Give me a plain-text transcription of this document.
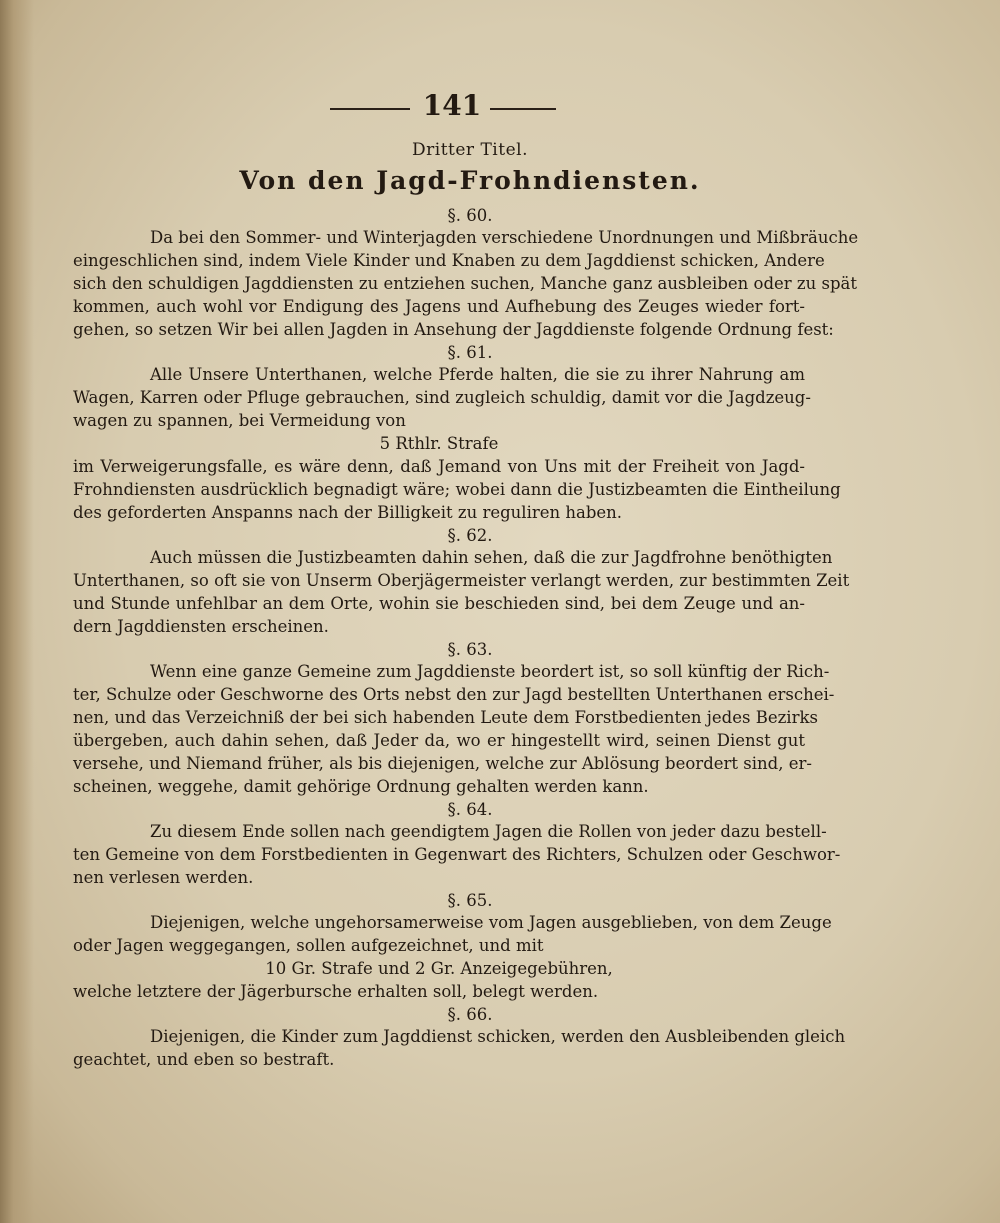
141
Dritter Titel.
Von den Jagd-Frohndiensten.
§. 60.
Da bei den Sommer- und Winterjagden verschiedene Unordnungen und Mißbräuche
eingeschlichen sind, indem Viele Kinder und Knaben zu dem Jagddienst schicken, Andere
sich den schuldigen Jagddiensten zu entziehen suchen, Manche ganz ausbleiben oder zu spät
kommen, auch wohl vor Endigung des Jagens und Aufhebung des Zeuges wieder fort-
gehen, so setzen Wir bei allen Jagden in Ansehung der Jagddienste folgende Ordnung fest:
§. 61.
Alle Unsere Unterthanen, welche Pferde halten, die sie zu ihrer Nahrung am
Wagen, Karren oder Pfluge gebrauchen, sind zugleich schuldig, damit vor die Jagdzeug-
wagen zu spannen, bei Vermeidung von
5 Rthlr. Strafe
im Verweigerungsfalle, es wäre denn, daß Jemand von Uns mit der Freiheit von Jagd-
Frohndiensten ausdrücklich begnadigt wäre; wobei dann die Justizbeamten die Eintheilung
des geforderten Anspanns nach der Billigkeit zu reguliren haben.
§. 62.
Auch müssen die Justizbeamten dahin sehen, daß die zur Jagdfrohne benöthigten
Unterthanen, so oft sie von Unserm Oberjägermeister verlangt werden, zur bestimmten Zeit
und Stunde unfehlbar an dem Orte, wohin sie beschieden sind, bei dem Zeuge und an-
dern Jagddiensten erscheinen.
§. 63.
Wenn eine ganze Gemeine zum Jagddienste beordert ist, so soll künftig der Rich-
ter, Schulze oder Geschworne des Orts nebst den zur Jagd bestellten Unterthanen erschei-
nen, und das Verzeichniß der bei sich habenden Leute dem Forstbedienten jedes Bezirks
übergeben, auch dahin sehen, daß Jeder da, wo er hingestellt wird, seinen Dienst gut
versehe, und Niemand früher, als bis diejenigen, welche zur Ablösung beordert sind, er-
scheinen, weggehe, damit gehörige Ordnung gehalten werden kann.
§. 64.
Zu diesem Ende sollen nach geendigtem Jagen die Rollen von jeder dazu bestell-
ten Gemeine von dem Forstbedienten in Gegenwart des Richters, Schulzen oder Geschwor-
nen verlesen werden.
§. 65.
Diejenigen, welche ungehorsamerweise vom Jagen ausgeblieben, von dem Zeuge
oder Jagen weggegangen, sollen aufgezeichnet, und mit
10 Gr. Strafe und 2 Gr. Anzeigegebühren,
welche letztere der Jägerbursche erhalten soll, belegt werden.
§. 66.
Diejenigen, die Kinder zum Jagddienst schicken, werden den Ausbleibenden gleich
geachtet, und eben so bestraft.
